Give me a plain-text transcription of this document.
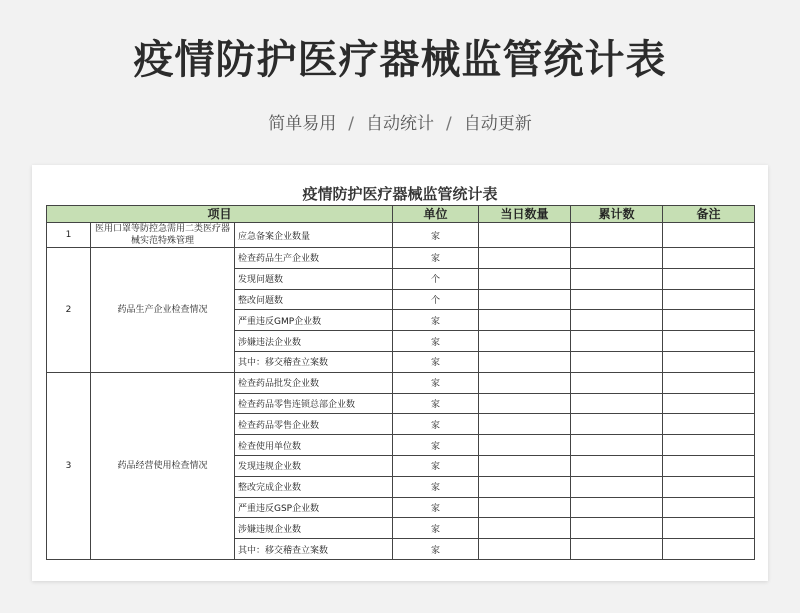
疫情防护医疗器械监管统计表
简单易用 / 自动统计 / 自动更新
疫情防护医疗器械监管统计表
项目			单位	当日数量	累计数	备注
1	医用口罩等防控急需用二类医疗器械实范特殊管理	应急备案企业数量	家			
2	药品生产企业检查情况	检查药品生产企业数	家			
		发现问题数	个			
		整改问题数	个			
		严重违反GMP企业数	家			
		涉嫌违法企业数	家			
		其中：移交稽查立案数	家			
3	药品经营使用检查情况	检查药品批发企业数	家			
		检查药品零售连锁总部企业数	家			
		检查药品零售企业数	家			
		检查使用单位数	家			
		发现违规企业数	家			
		整改完成企业数	家			
		严重违反GSP企业数	家			
		涉嫌违规企业数	家			
		其中：移交稽查立案数	家			
